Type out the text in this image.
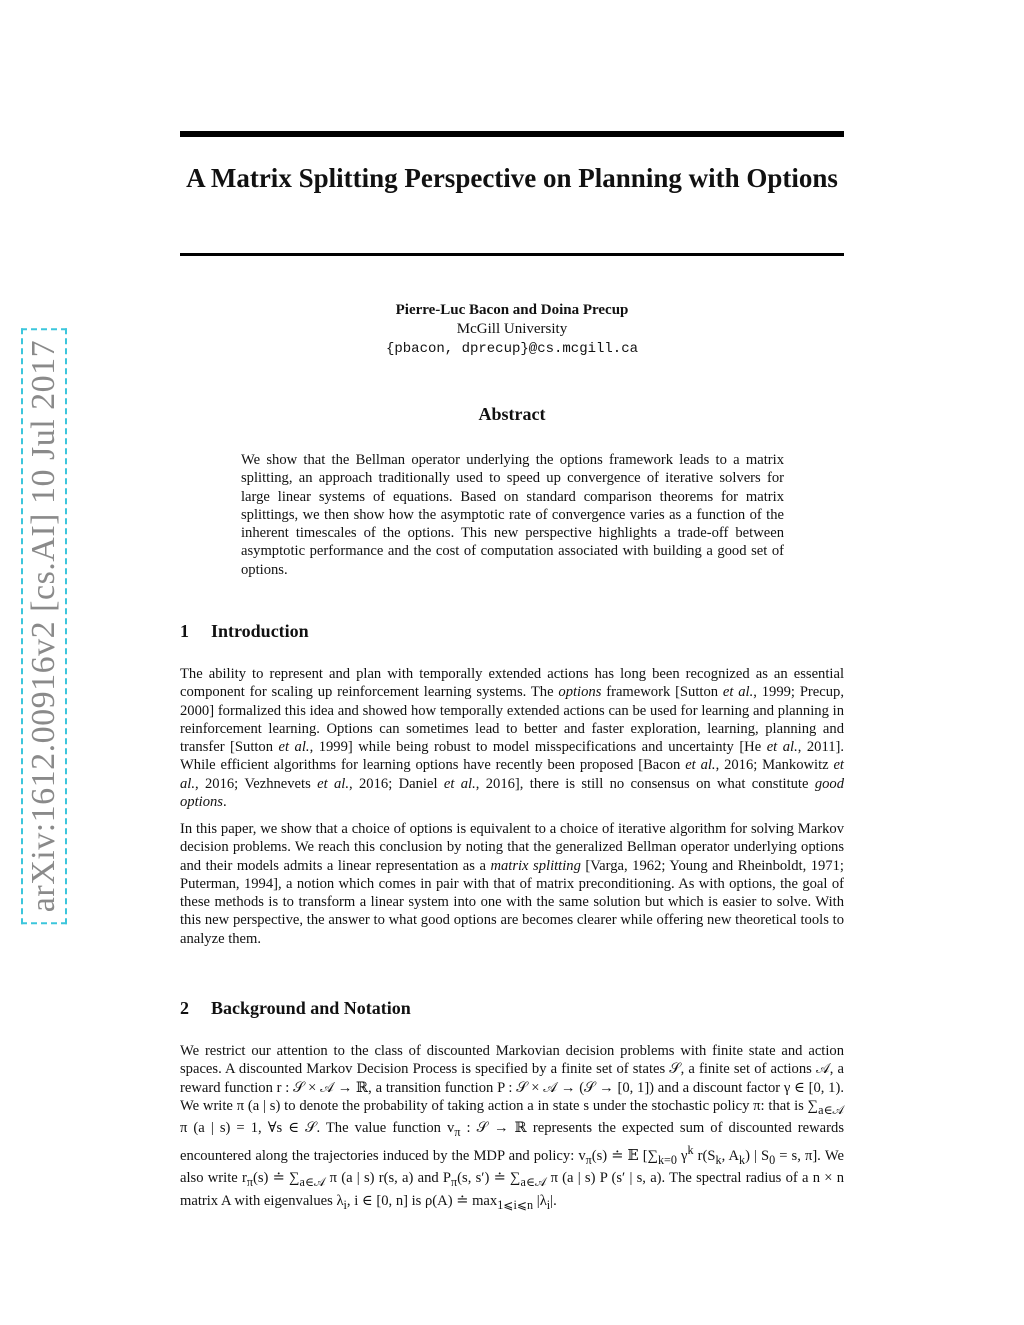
arXiv:1612.00916v2 [cs.AI] 10 Jul 2017
A Matrix Splitting Perspective on Planning with Options
Pierre-Luc Bacon and Doina Precup
McGill University
{pbacon, dprecup}@cs.mcgill.ca
Abstract

We show that the Bellman operator underlying the options framework leads to a matrix splitting, an approach traditionally used to speed up convergence of iterative solvers for large linear systems of equations. Based on standard comparison theorems for matrix splittings, we then show how the asymptotic rate of convergence varies as a function of the inherent timescales of the options. This new perspective highlights a trade-off between asymptotic performance and the cost of computation associated with building a good set of options.

1 Introduction

The ability to represent and plan with temporally extended actions has long been recognized as an essential component for scaling up reinforcement learning systems. The options framework [Sutton et al., 1999; Precup, 2000] formalized this idea and showed how temporally extended actions can be used for learning and planning in reinforcement learning. Options can sometimes lead to better and faster exploration, learning, planning and transfer [Sutton et al., 1999] while being robust to model misspecifications and uncertainty [He et al., 2011]. While efficient algorithms for learning options have recently been proposed [Bacon et al., 2016; Mankowitz et al., 2016; Vezhnevets et al., 2016; Daniel et al., 2016], there is still no consensus on what constitute good options.

In this paper, we show that a choice of options is equivalent to a choice of iterative algorithm for solving Markov decision problems. We reach this conclusion by noting that the generalized Bellman operator underlying options and their models admits a linear representation as a matrix splitting [Varga, 1962; Young and Rheinboldt, 1971; Puterman, 1994], a notion which comes in pair with that of matrix preconditioning. As with options, the goal of these methods is to transform a linear system into one with the same solution but which is easier to solve. With this new perspective, the answer to what good options are becomes clearer while offering new theoretical tools to analyze them.

2 Background and Notation

We restrict our attention to the class of discounted Markovian decision problems with finite state and action spaces. A discounted Markov Decision Process is specified by a finite set of states 𝒮, a finite set of actions 𝒜, a reward function r : 𝒮 × 𝒜 → ℝ, a transition function P : 𝒮 × 𝒜 → (𝒮 → [0, 1]) and a discount factor γ ∈ [0, 1). We write π (a | s) to denote the probability of taking action a in state s under the stochastic policy π: that is $\sum_{a\in 𝒜}$ π (a | s) = 1, ∀s ∈ 𝒮. The value function $v_\pi$ : 𝒮 → ℝ represents the expected sum of discounted rewards encountered along the trajectories induced by the MDP and policy: $v_\pi(s)$ ≐ 𝔼 [$\sum_{k=0}$ $\gamma^k$ $r(S_k$, $A_k$) | $S_0 = s$, π]. We also write $r_\pi(s)$ ≐ $\sum_{a\in 𝒜}$ π (a | s) r(s, a) and $P_\pi(s$, s′) ≐ $\sum_{a\in 𝒜}$ π (a | s) P (s′ | s, a). The spectral radius of a n × n matrix A with eigenvalues $\lambda_i$, i ∈ [0, n] is ρ(A) ≐ $\max_{1⩽i⩽n} |\lambda_i|$.
